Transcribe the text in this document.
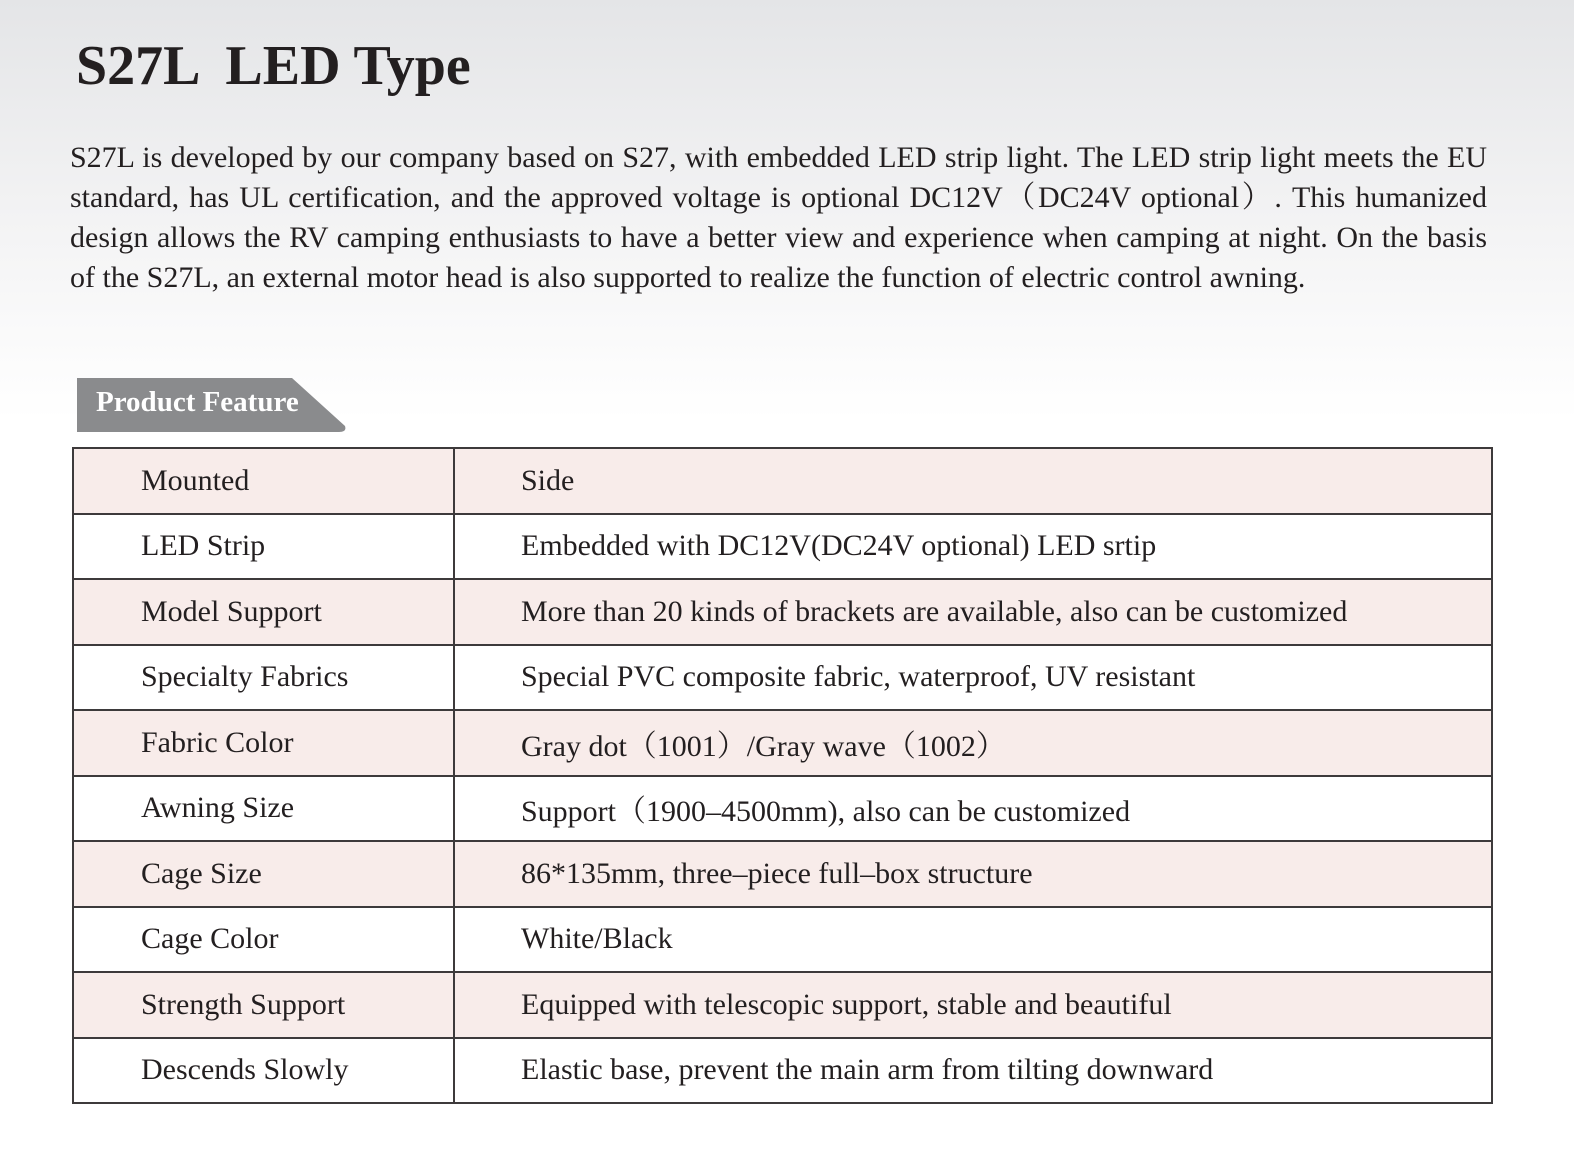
S27L  LED Type

S27L is developed by our company based on S27, with embedded LED strip light. The LED strip light meets the EU standard, has UL certification, and the approved voltage is optional DC12V（DC24V optional）. This humanized design allows the RV camping enthusiasts to have a better view and experience when camping at night. On the basis of the S27L, an external motor head is also supported to realize the function of electric control awning.

Product Feature
Mounted	Side
LED Strip	Embedded with DC12V(DC24V optional) LED srtip
Model Support	More than 20 kinds of brackets are available, also can be customized
Specialty Fabrics	Special PVC composite fabric, waterproof, UV resistant
Fabric Color	Gray dot（1001）/Gray wave（1002）
Awning Size	Support（1900–4500mm), also can be customized
Cage Size	86*135mm, three–piece full–box structure
Cage Color	White/Black
Strength Support	Equipped with telescopic support, stable and beautiful
Descends Slowly	Elastic base, prevent the main arm from tilting downward
